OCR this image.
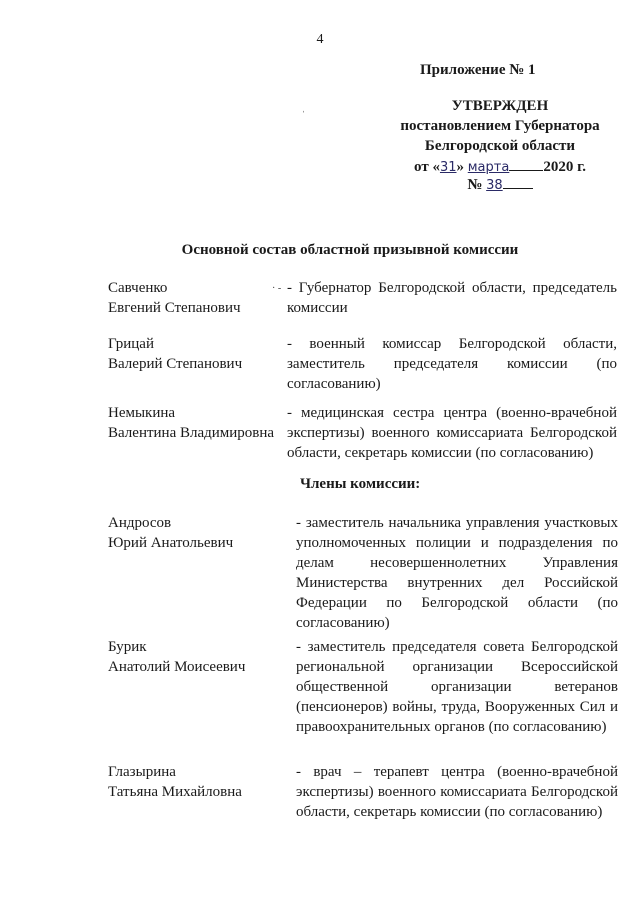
4
Приложение № 1
УТВЕРЖДЕН
постановлением Губернатора
Белгородской области
от «31» марта 2020 г.
№ 38
Основной состав областной призывной комиссии
Савченко
Евгений Степанович
- Губернатор Белгородской области, председатель комиссии
Грицай
Валерий Степанович
- военный комиссар Белгородской области, заместитель председателя комиссии (по согласованию)
Немыкина
Валентина Владимировна
- медицинская сестра центра (военно-врачебной экспертизы) военного комиссариата Белгородской области, секретарь комиссии (по согласованию)
Члены комиссии:
Андросов
Юрий Анатольевич
- заместитель начальника управления участковых уполномоченных полиции и подразделения по делам несовершеннолетних Управления Министерства внутренних дел Российской Федерации по Белгородской области (по согласованию)
Бурик
Анатолий Моисеевич
- заместитель председателя совета Белгородской региональной организации Всероссийской общественной организации ветеранов (пенсионеров) войны, труда, Вооруженных Сил и правоохранительных органов (по согласованию)
Глазырина
Татьяна Михайловна
- врач – терапевт центра (военно-врачебной экспертизы) военного комиссариата Белгородской области, секретарь комиссии (по согласованию)
ˌ
· -
